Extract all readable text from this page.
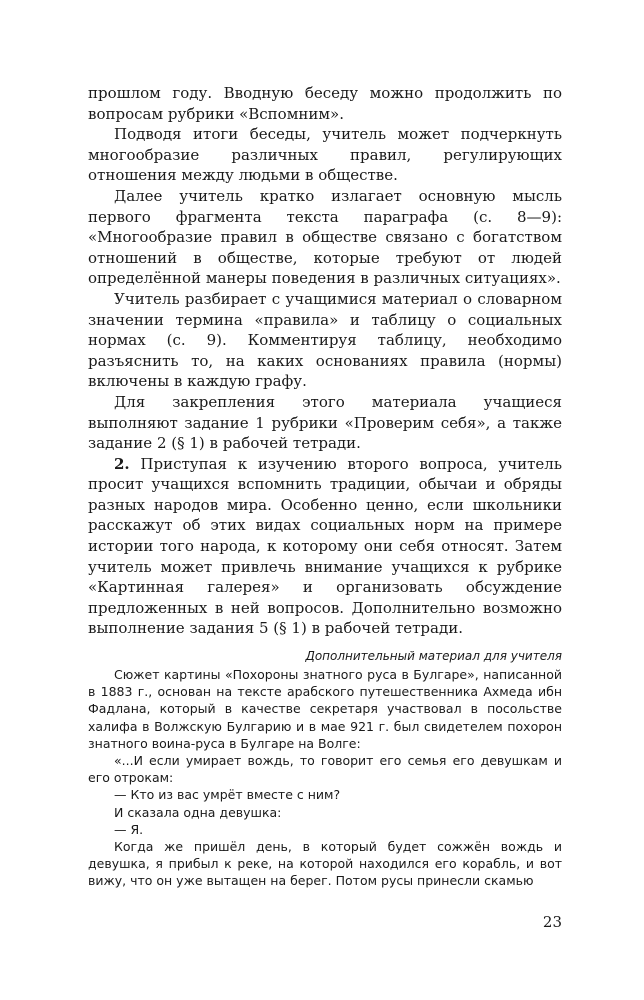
прошлом году. Вводную беседу можно продолжить по вопросам рубрики «Вспомним».

Подводя итоги беседы, учитель может подчеркнуть многообразие различных правил, регулирующих отношения между людьми в обществе.

Далее учитель кратко излагает основную мысль первого фрагмента текста параграфа (с. 8—9): «Многообразие правил в обществе связано с богатством отношений в обществе, которые требуют от людей определённой манеры поведения в различных ситуациях».

Учитель разбирает с учащимися материал о словарном значении термина «правила» и таблицу о социальных нормах (с. 9). Комментируя таблицу, необходимо разъяснить то, на каких основаниях правила (нормы) включены в каждую графу.

Для закрепления этого материала учащиеся выполняют задание 1 рубрики «Проверим себя», а также задание 2 (§ 1) в рабочей тетради.

2. Приступая к изучению второго вопроса, учитель просит учащихся вспомнить традиции, обычаи и обряды разных народов мира. Особенно ценно, если школьники расскажут об этих видах социальных норм на примере истории того народа, к которому они себя относят. Затем учитель может привлечь внимание учащихся к рубрике «Картинная галерея» и организовать обсуждение предложенных в ней вопросов. Дополнительно возможно выполнение задания 5 (§ 1) в рабочей тетради.

Дополнительный материал для учителя

Сюжет картины «Похороны знатного руса в Булгаре», написанной в 1883 г., основан на тексте арабского путешественника Ахмеда ибн Фадлана, который в качестве секретаря участвовал в посольстве халифа в Волжскую Булгарию и в мае 921 г. был свидетелем похорон знатного воина-руса в Булгаре на Волге:

«...И если умирает вождь, то говорит его семья его девушкам и его отрокам:

— Кто из вас умрёт вместе с ним?

И сказала одна девушка:

— Я.

Когда же пришёл день, в который будет сожжён вождь и девушка, я прибыл к реке, на которой находился его корабль, и вот вижу, что он уже вытащен на берег. Потом русы принесли скамью

23
